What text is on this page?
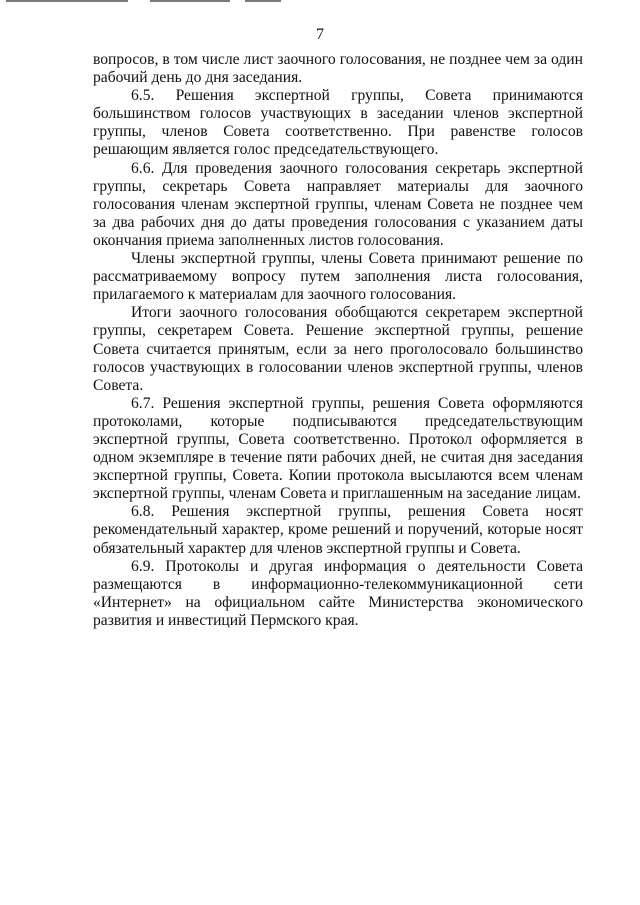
7

вопросов, в том числе лист заочного голосования, не позднее чем за один рабочий день до дня заседания.

6.5. Решения экспертной группы, Совета принимаются большинством голосов участвующих в заседании членов экспертной группы, членов Совета соответственно. При равенстве голосов решающим является голос председательствующего.

6.6. Для проведения заочного голосования секретарь экспертной группы, секретарь Совета направляет материалы для заочного голосования членам экспертной группы, членам Совета не позднее чем за два рабочих дня до даты проведения голосования с указанием даты окончания приема заполненных листов голосования.

Члены экспертной группы, члены Совета принимают решение по рассматриваемому вопросу путем заполнения листа голосования, прилагаемого к материалам для заочного голосования.

Итоги заочного голосования обобщаются секретарем экспертной группы, секретарем Совета. Решение экспертной группы, решение Совета считается принятым, если за него проголосовало большинство голосов участвующих в голосовании членов экспертной группы, членов Совета.

6.7. Решения экспертной группы, решения Совета оформляются протоколами, которые подписываются председательствующим экспертной группы, Совета соответственно. Протокол оформляется в одном экземпляре в течение пяти рабочих дней, не считая дня заседания экспертной группы, Совета. Копии протокола высылаются всем членам экспертной группы, членам Совета и приглашенным на заседание лицам.

6.8. Решения экспертной группы, решения Совета носят рекомендательный характер, кроме решений и поручений, которые носят обязательный характер для членов экспертной группы и Совета.

6.9. Протоколы и другая информация о деятельности Совета размещаются в информационно-телекоммуникационной сети «Интернет» на официальном сайте Министерства экономического развития и инвестиций Пермского края.
